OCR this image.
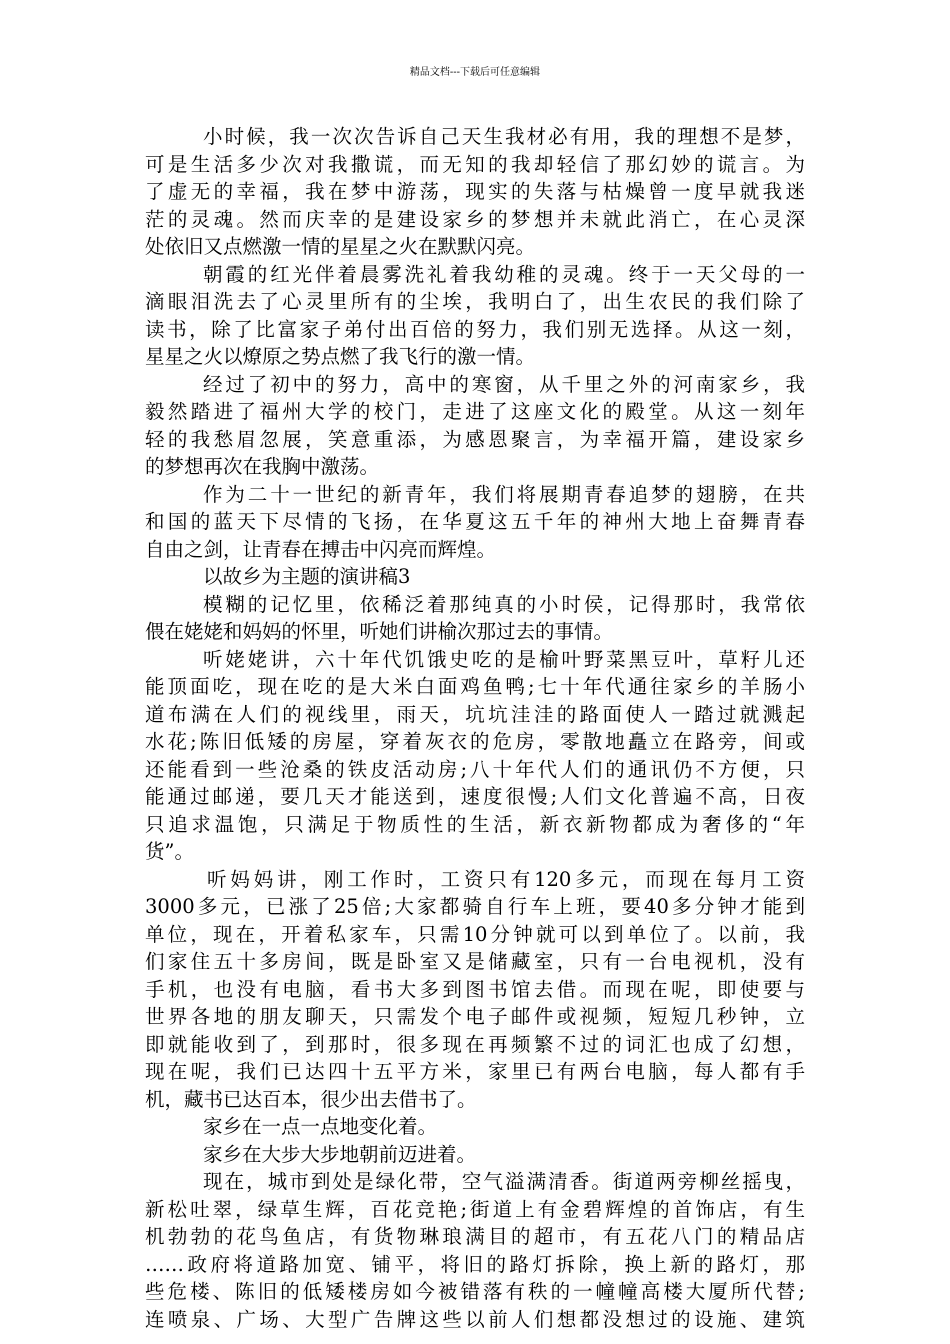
精品文档---下载后可任意编辑
小时候，我一次次告诉自己天生我材必有用，我的理想不是梦，
可是生活多少次对我撒谎，而无知的我却轻信了那幻妙的谎言。为
了虚无的幸福，我在梦中游荡，现实的失落与枯燥曾一度早就我迷
茫的灵魂。然而庆幸的是建设家乡的梦想并未就此消亡，在心灵深
处依旧又点燃激一情的星星之火在默默闪亮。
朝霞的红光伴着晨雾洗礼着我幼稚的灵魂。终于一天父母的一
滴眼泪洗去了心灵里所有的尘埃，我明白了，出生农民的我们除了
读书，除了比富家子弟付出百倍的努力，我们别无选择。从这一刻，
星星之火以燎原之势点燃了我飞行的激一情。
经过了初中的努力，高中的寒窗，从千里之外的河南家乡，我
毅然踏进了福州大学的校门，走进了这座文化的殿堂。从这一刻年
轻的我愁眉忽展，笑意重添，为感恩聚言，为幸福开篇，建设家乡
的梦想再次在我胸中激荡。
作为二十一世纪的新青年，我们将展期青春追梦的翅膀，在共
和国的蓝天下尽情的飞扬，在华夏这五千年的神州大地上奋舞青春
自由之剑，让青春在搏击中闪亮而辉煌。
以故乡为主题的演讲稿3
模糊的记忆里，依稀泛着那纯真的小时侯，记得那时，我常依
偎在姥姥和妈妈的怀里，听她们讲榆次那过去的事情。
听姥姥讲，六十年代饥饿史吃的是榆叶野菜黑豆叶，草籽儿还
能顶面吃，现在吃的是大米白面鸡鱼鸭;七十年代通往家乡的羊肠小
道布满在人们的视线里，雨天，坑坑洼洼的路面使人一踏过就溅起
水花;陈旧低矮的房屋，穿着灰衣的危房，零散地矗立在路旁，间或
还能看到一些沧桑的铁皮活动房;八十年代人们的通讯仍不方便，只
能通过邮递，要几天才能送到，速度很慢;人们文化普遍不高，日夜
只追求温饱，只满足于物质性的生活，新衣新物都成为奢侈的“年
货”。
听妈妈讲，刚工作时，工资只有120多元，而现在每月工资
3000多元，已涨了25倍;大家都骑自行车上班，要40多分钟才能到
单位，现在，开着私家车，只需10分钟就可以到单位了。以前，我
们家住五十多房间，既是卧室又是储藏室，只有一台电视机，没有
手机，也没有电脑，看书大多到图书馆去借。而现在呢，即使要与
世界各地的朋友聊天，只需发个电子邮件或视频，短短几秒钟，立
即就能收到了，到那时，很多现在再频繁不过的词汇也成了幻想，
现在呢，我们已达四十五平方米，家里已有两台电脑，每人都有手
机，藏书已达百本，很少出去借书了。
家乡在一点一点地变化着。
家乡在大步大步地朝前迈进着。
现在，城市到处是绿化带，空气溢满清香。街道两旁柳丝摇曳，
新松吐翠，绿草生辉，百花竞艳;街道上有金碧辉煌的首饰店，有生
机勃勃的花鸟鱼店，有货物琳琅满目的超市，有五花八门的精品店
……政府将道路加宽、铺平，将旧的路灯拆除，换上新的路灯，那
些危楼、陈旧的低矮楼房如今被错落有秩的一幢幢高楼大厦所代替;
连喷泉、广场、大型广告牌这些以前人们想都没想过的设施、建筑
